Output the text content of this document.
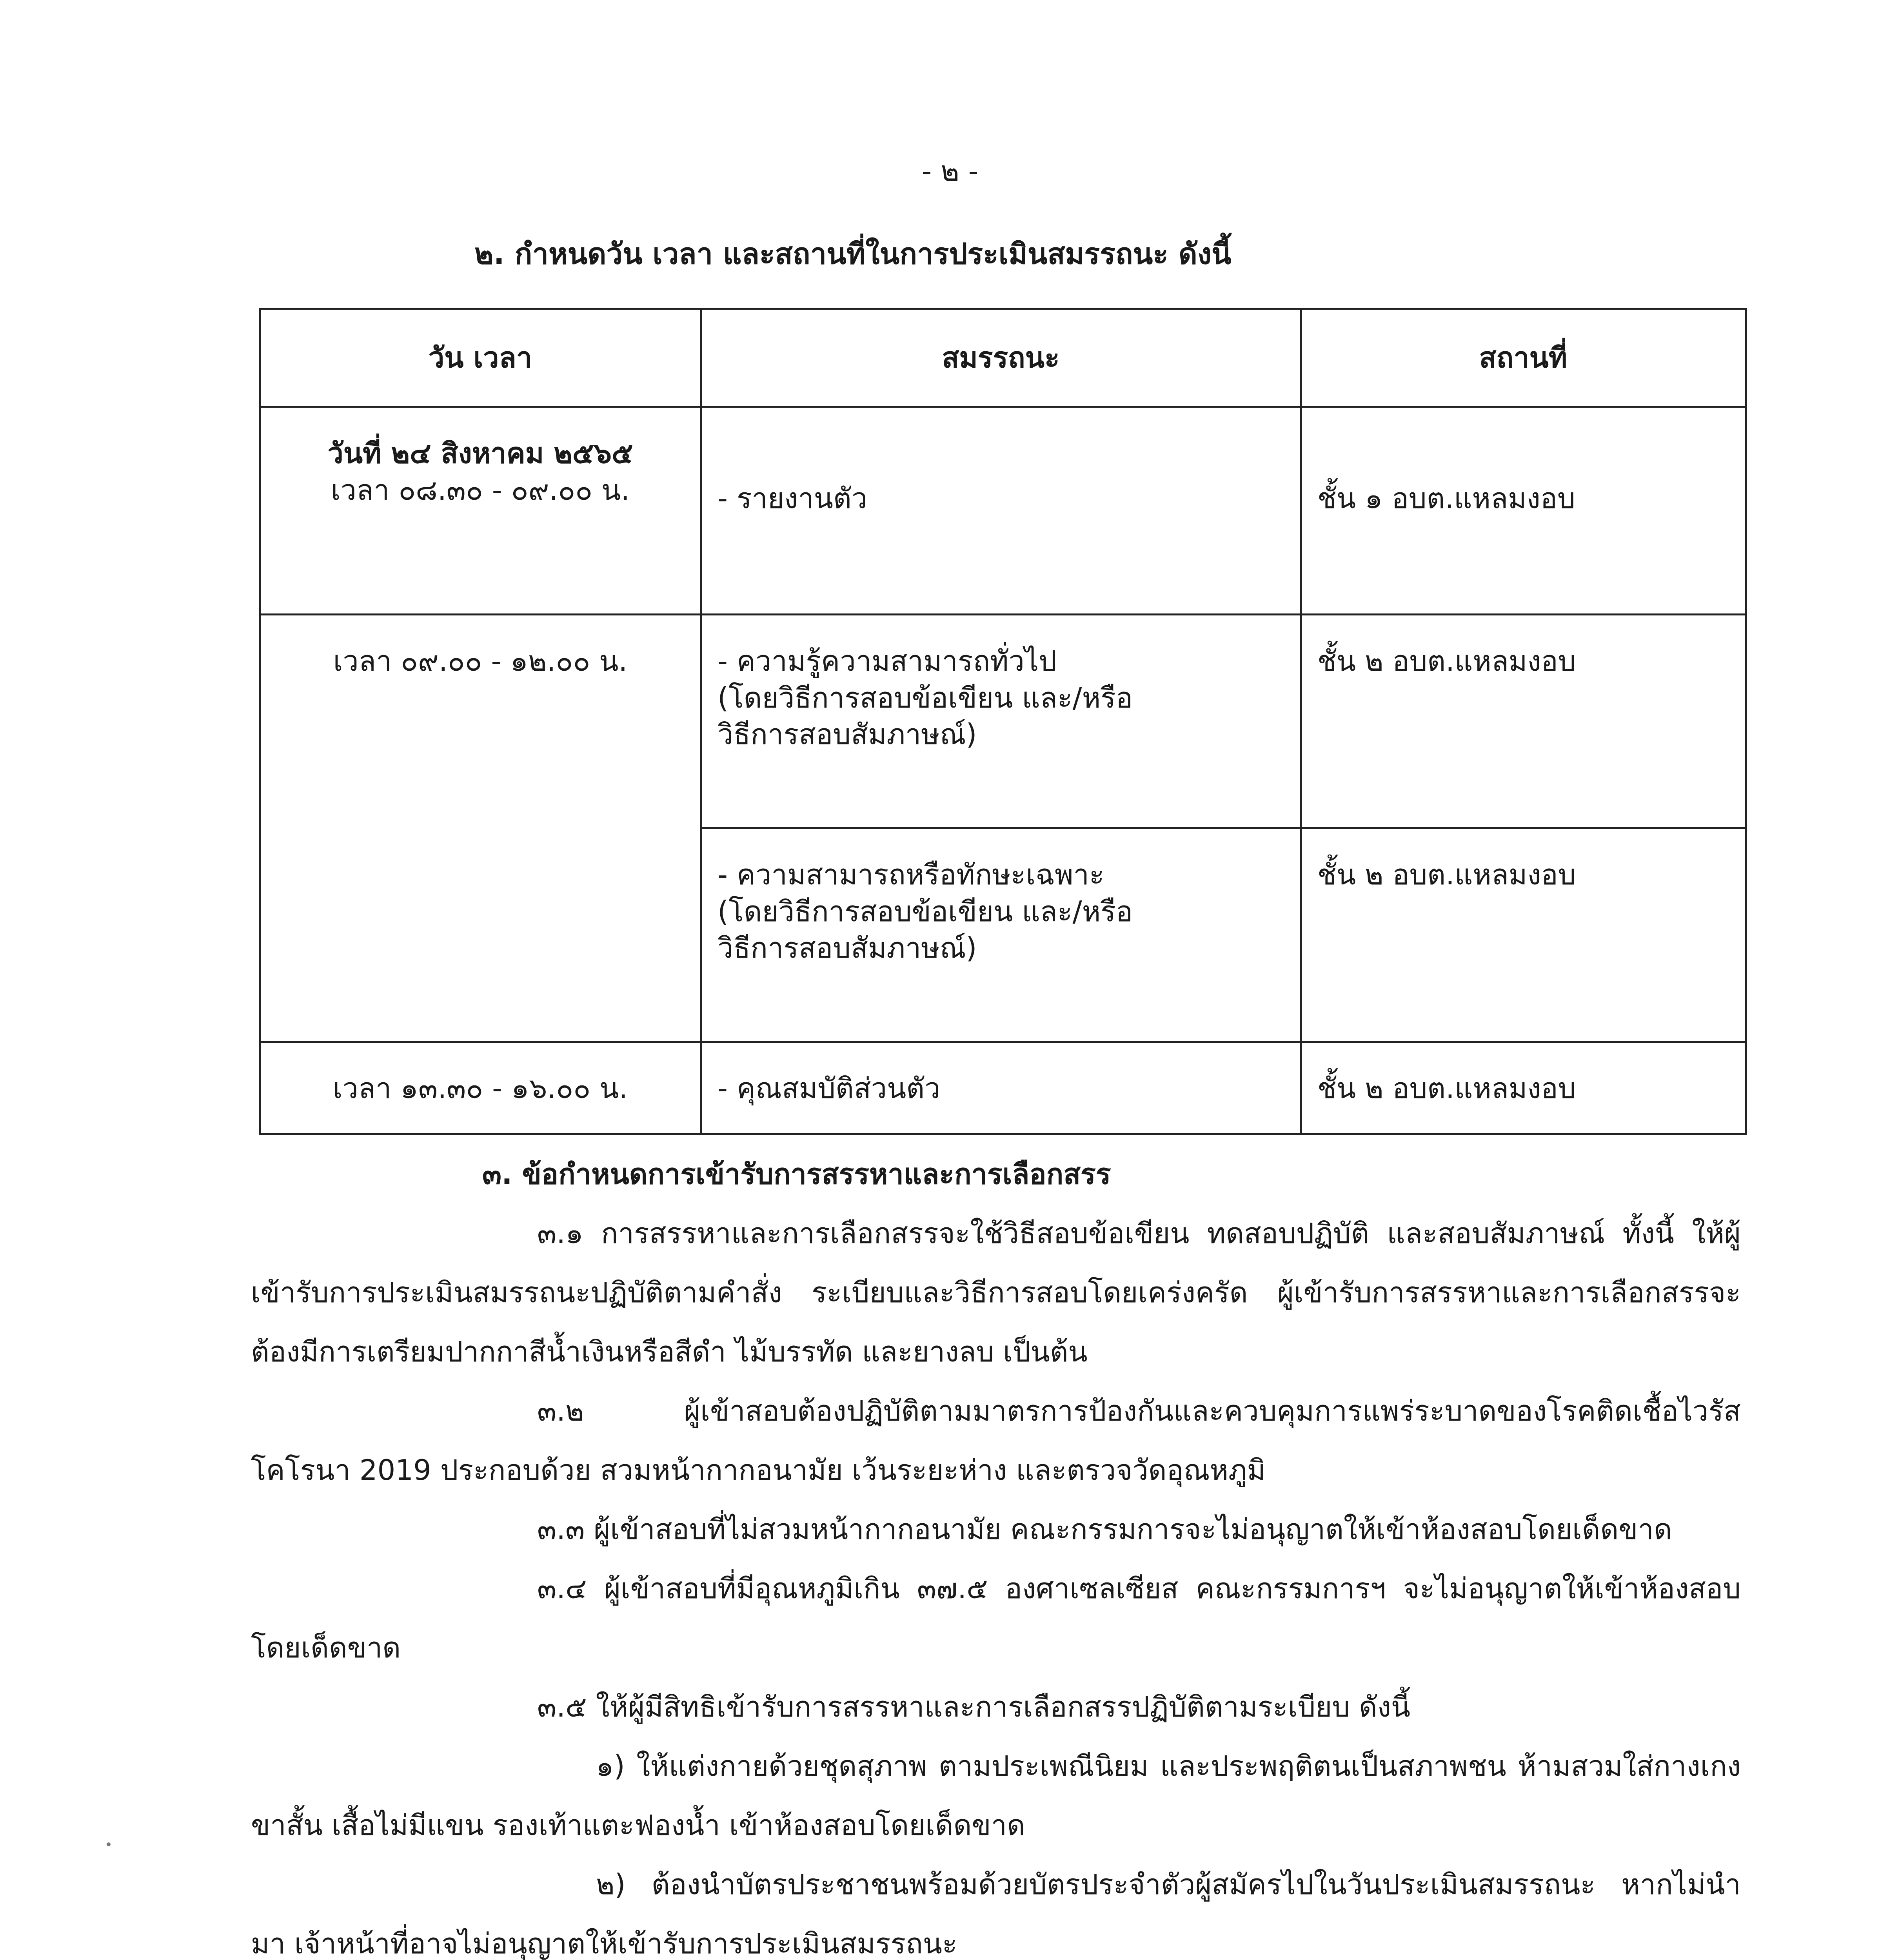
- ๒ -
๒. กำหนดวัน เวลา และสถานที่ในการประเมินสมรรถนะ ดังนี้
วัน เวลา	สมรรถนะ	สถานที่

วันที่ ๒๔ สิงหาคม ๒๕๖๕
เวลา ๐๘.๓๐ - ๐๙.๐๐ น.	- รายงานตัว	ชั้น ๑ อบต.แหลมงอบ

เวลา ๐๙.๐๐ - ๑๒.๐๐ น.	- ความรู้ความสามารถทั่วไป
(โดยวิธีการสอบข้อเขียน และ/หรือ
วิธีการสอบสัมภาษณ์)	ชั้น ๒ อบต.แหลมงอบ

	- ความสามารถหรือทักษะเฉพาะ
(โดยวิธีการสอบข้อเขียน และ/หรือ
วิธีการสอบสัมภาษณ์)	ชั้น ๒ อบต.แหลมงอบ
เวลา ๑๓.๓๐ - ๑๖.๐๐ น.	- คุณสมบัติส่วนตัว	ชั้น ๒ อบต.แหลมงอบ

๓. ข้อกำหนดการเข้ารับการสรรหาและการเลือกสรร

๓.๑ การสรรหาและการเลือกสรรจะใช้วิธีสอบข้อเขียน ทดสอบปฏิบัติ และสอบสัมภาษณ์ ทั้งนี้ ให้ผู้เข้ารับการประเมินสมรรถนะปฏิบัติตามคำสั่ง ระเบียบและวิธีการสอบโดยเคร่งครัด ผู้เข้ารับการสรรหาและการเลือกสรรจะต้องมีการเตรียมปากกาสีน้ำเงินหรือสีดำ ไม้บรรทัด และยางลบ เป็นต้น

๓.๒ ผู้เข้าสอบต้องปฏิบัติตามมาตรการป้องกันและควบคุมการแพร่ระบาดของโรคติดเชื้อไวรัสโคโรนา 2019 ประกอบด้วย สวมหน้ากากอนามัย เว้นระยะห่าง และตรวจวัดอุณหภูมิ

๓.๓ ผู้เข้าสอบที่ไม่สวมหน้ากากอนามัย คณะกรรมการจะไม่อนุญาตให้เข้าห้องสอบโดยเด็ดขาด

๓.๔ ผู้เข้าสอบที่มีอุณหภูมิเกิน ๓๗.๕ องศาเซลเซียส คณะกรรมการฯ จะไม่อนุญาตให้เข้าห้องสอบโดยเด็ดขาด

๓.๕ ให้ผู้มีสิทธิเข้ารับการสรรหาและการเลือกสรรปฏิบัติตามระเบียบ ดังนี้

๑) ให้แต่งกายด้วยชุดสุภาพ ตามประเพณีนิยม และประพฤติตนเป็นสภาพชน ห้ามสวมใส่กางเกงขาสั้น เสื้อไม่มีแขน รองเท้าแตะฟองน้ำ เข้าห้องสอบโดยเด็ดขาด

๒) ต้องนำบัตรประชาชนพร้อมด้วยบัตรประจำตัวผู้สมัครไปในวันประเมินสมรรถนะ หากไม่นำมา เจ้าหน้าที่อาจไม่อนุญาตให้เข้ารับการประเมินสมรรถนะ
